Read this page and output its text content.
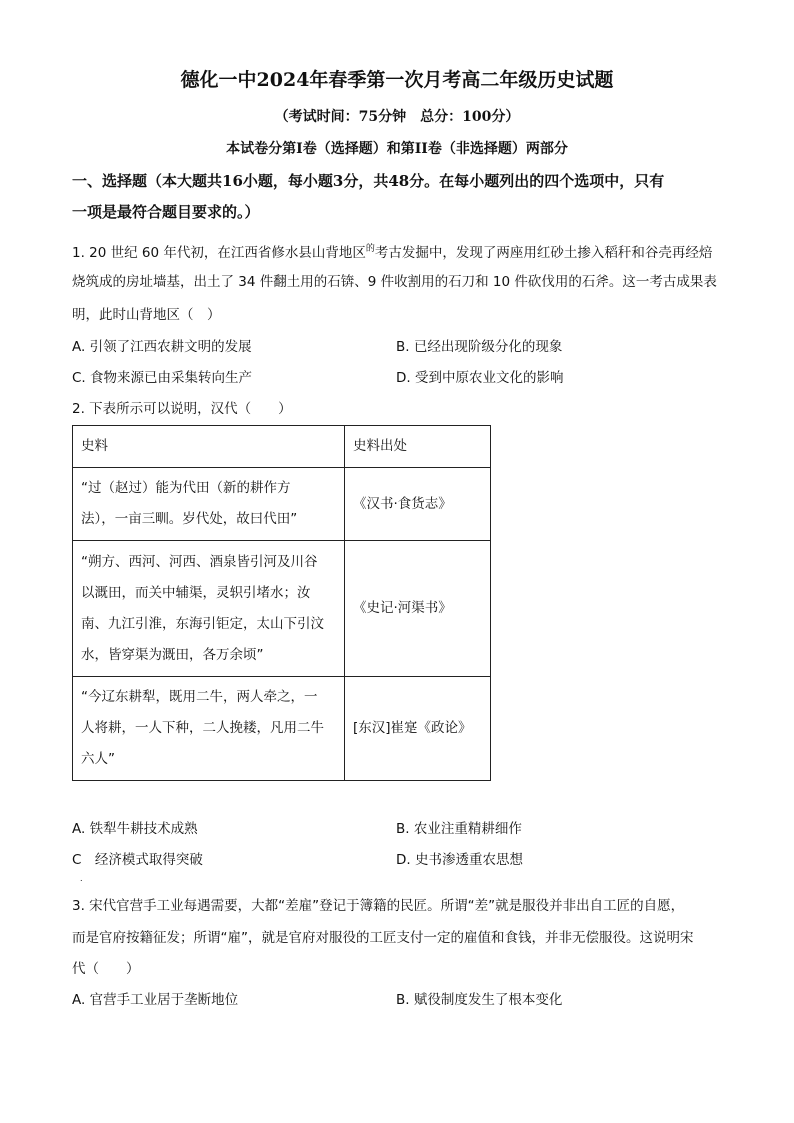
德化一中2024年春季第一次月考高二年级历史试题
（考试时间：75分钟　总分：100分）
本试卷分第I卷（选择题）和第II卷（非选择题）两部分
一、选择题（本大题共16小题，每小题3分，共48分。在每小题列出的四个选项中，只有
一项是最符合题目要求的。）
1. 20 世纪 60 年代初，在江西省修水县山背地区$^的$考古发掘中，发现了两座用红砂土掺入稻秆和谷壳再经焙
烧筑成的房址墙基，出土了 34 件翻土用的石锛、9 件收割用的石刀和 10 件砍伐用的石斧。这一考古成果表
明，此时山背地区（　）
A. 引领了江西农耕文明的发展	B. 已经出现阶级分化的现象
C. 食物来源已由采集转向生产	D. 受到中原农业文化的影响
2. 下表所示可以说明，汉代（　　）
史料	史料出处

“过（赵过）能为代田（新的耕作方
法），一亩三甽。岁代处，故曰代田”	《汉书·食货志》

“朔方、西河、河西、酒泉皆引河及川谷
以溉田，而关中辅渠，灵轵引堵水；汝
南、九江引淮，东海引钜定，太山下引汶
水，皆穿渠为溉田，各万余顷”	《史记·河渠书》

“今辽东耕犁，既用二牛，两人牵之，一
人将耕，一人下种，二人挽耧，凡用二牛
六人”	[东汉]崔寔《政论》
A. 铁犁牛耕技术成熟	B. 农业注重精耕细作
C　经济模式取得突破	D. 史书渗透重农思想
.
3. 宋代官营手工业每遇需要，大都“差雇”登记于簿籍的民匠。所谓“差”就是服役并非出自工匠的自愿，
而是官府按籍征发；所谓“雇”，就是官府对服役的工匠支付一定的雇值和食钱，并非无偿服役。这说明宋
代（　　）
A. 官营手工业居于垄断地位	B. 赋役制度发生了根本变化
